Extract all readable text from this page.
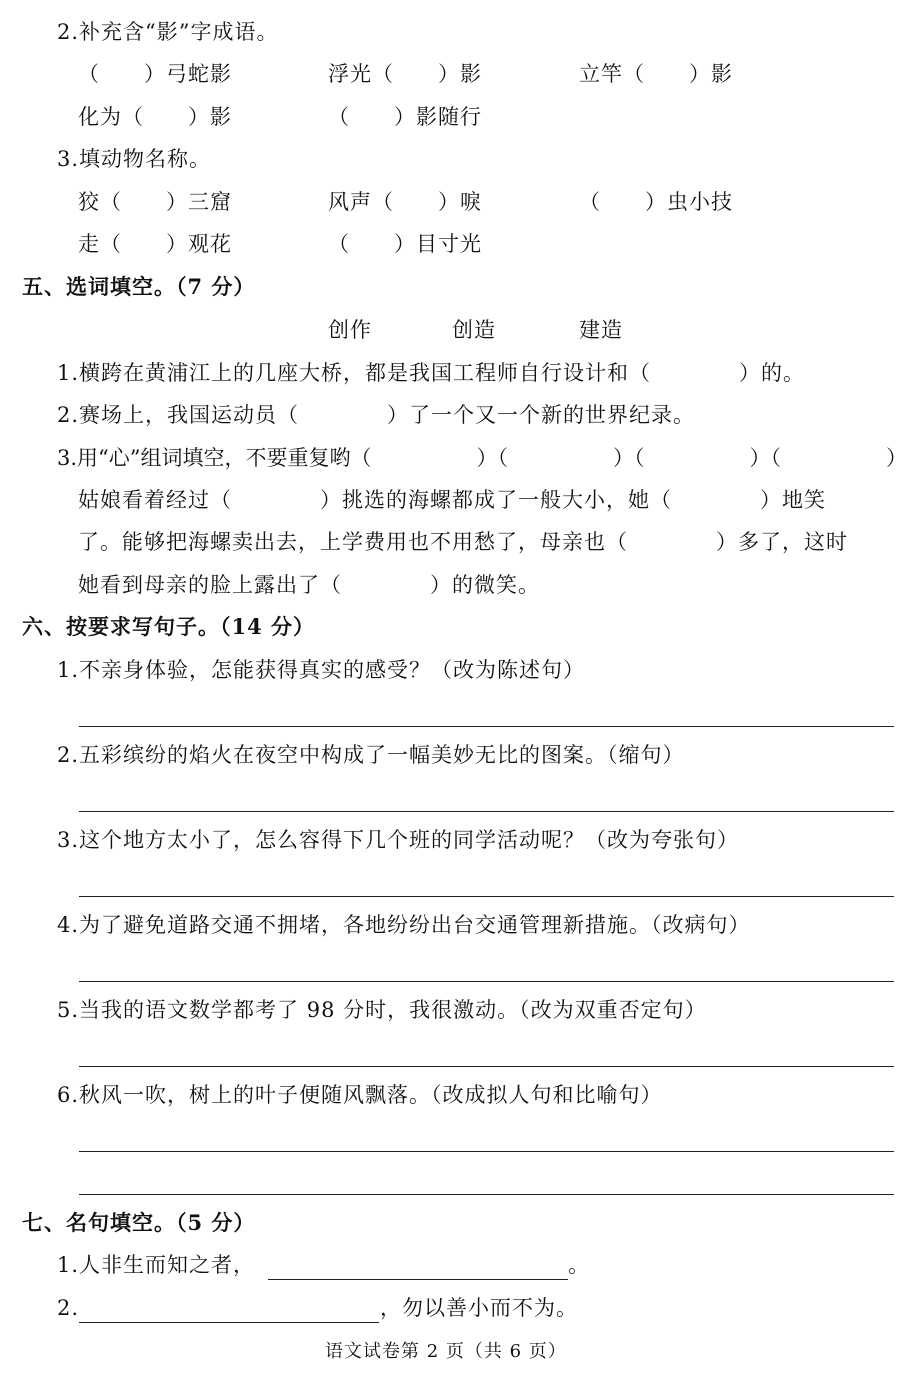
2.补充含“影”字成语。
（　　）弓蛇影	浮光（　　）影	立竿（　　）影
化为（　　）影	（　　）影随行
3.填动物名称。
狡（　　）三窟	风声（　　）唳	（　　）虫小技
走（　　）观花	（　　）目寸光
五、选词填空。（7 分）
创作	创造	建造
1.横跨在黄浦江上的几座大桥，都是我国工程师自行设计和（　　　　）的。
2.赛场上，我国运动员（　　　　）了一个又一个新的世界纪录。
3.用“心”组词填空，不要重复哟（　　　　　）（　　　　　）（　　　　　）（　　　　　）
姑娘看着经过（　　　　）挑选的海螺都成了一般大小，她（　　　　）地笑
了。能够把海螺卖出去，上学费用也不用愁了，母亲也（　　　　）多了，这时
她看到母亲的脸上露出了（　　　　）的微笑。
六、按要求写句子。（14 分）
1.不亲身体验，怎能获得真实的感受？（改为陈述句）
2.五彩缤纷的焰火在夜空中构成了一幅美妙无比的图案。（缩句）
3.这个地方太小了，怎么容得下几个班的同学活动呢？（改为夸张句）
4.为了避免道路交通不拥堵，各地纷纷出台交通管理新措施。（改病句）
5.当我的语文数学都考了 98 分时，我很激动。（改为双重否定句）
6.秋风一吹，树上的叶子便随风飘落。（改成拟人句和比喻句）
七、名句填空。（5 分）
1.人非生而知之者，	。
2.	，勿以善小而不为。
语文试卷第 2 页（共 6 页）
